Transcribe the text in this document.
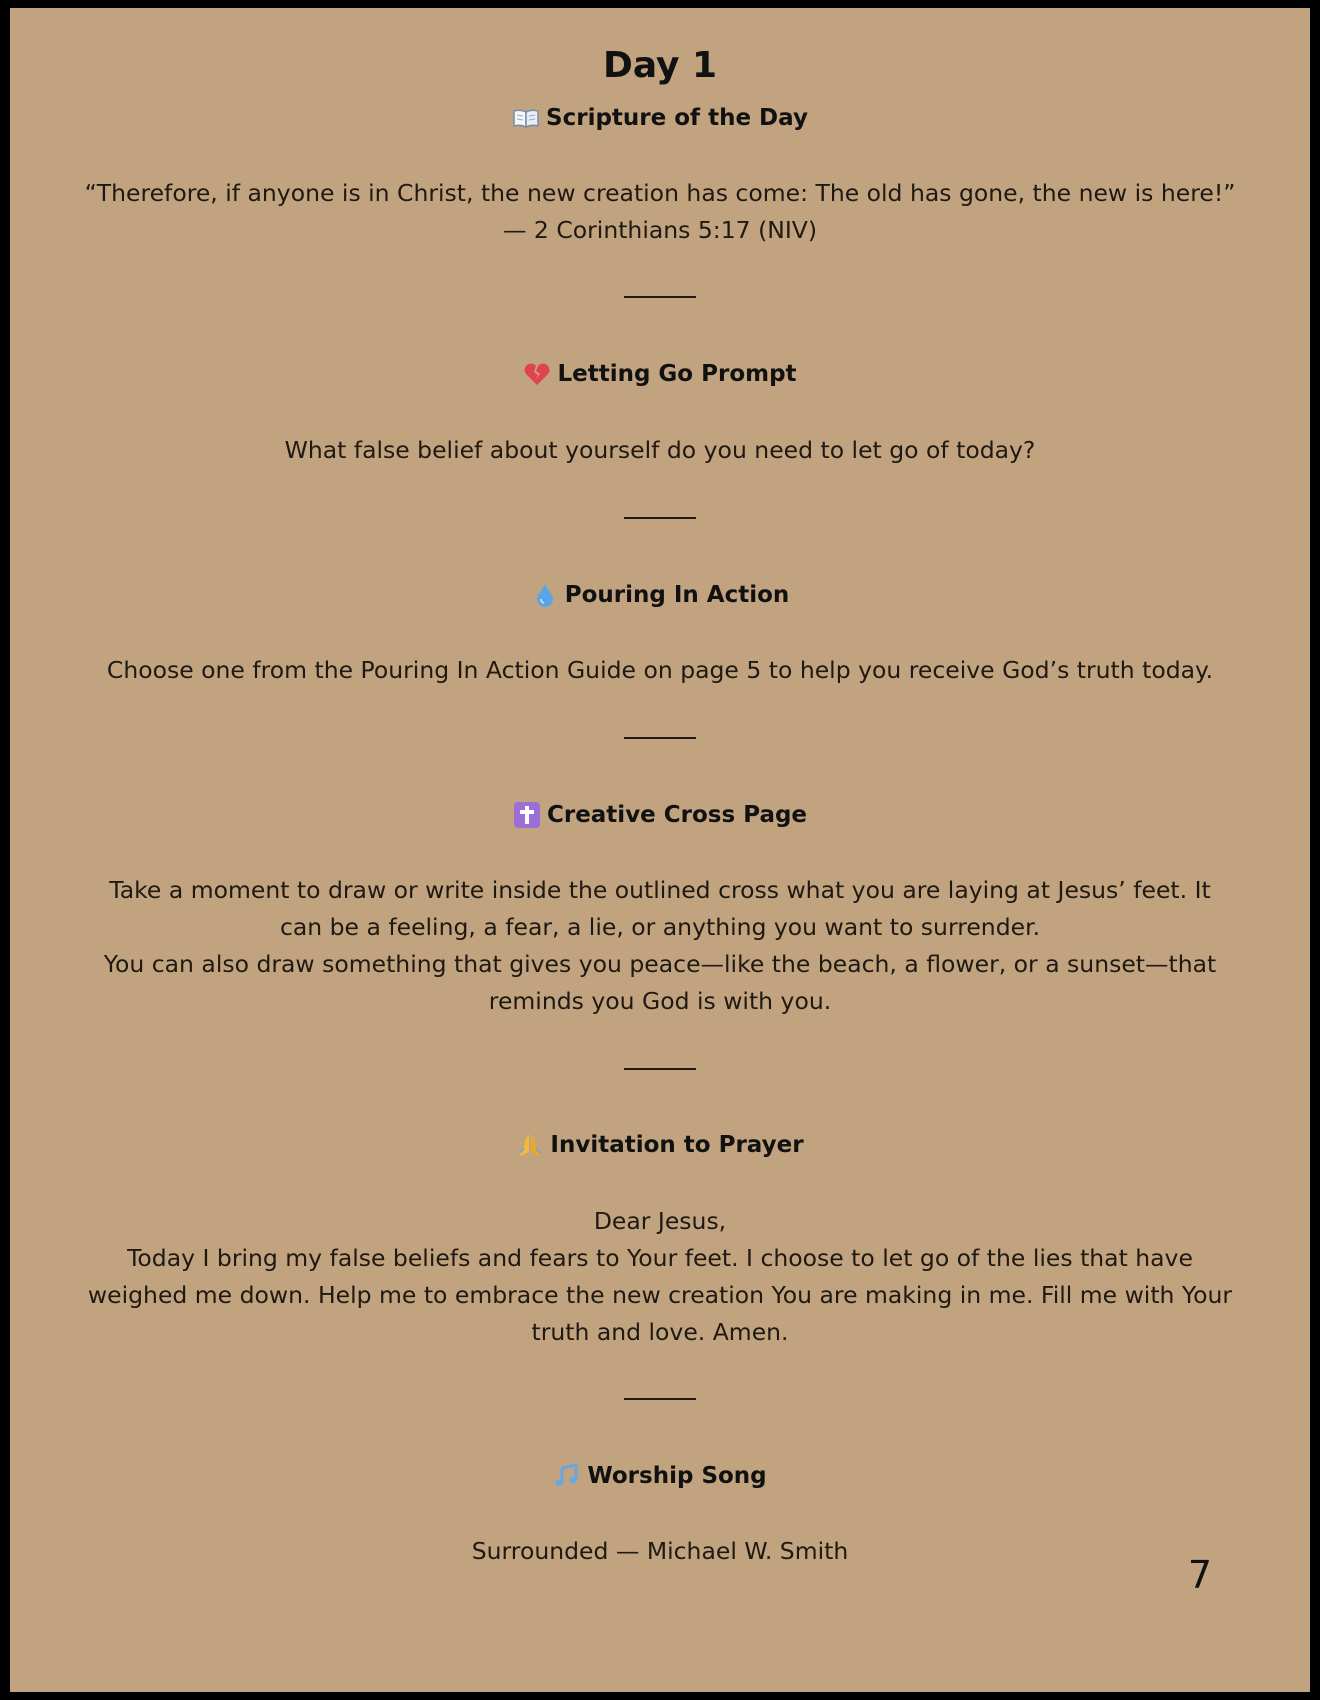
Day 1
Scripture of the Day

“Therefore, if anyone is in Christ, the new creation has come: The old has gone, the new is here!”
— 2 Corinthians 5:17 (NIV)

Letting Go Prompt

What false belief about yourself do you need to let go of today?

Pouring In Action

Choose one from the Pouring In Action Guide on page 5 to help you receive God’s truth today.

Creative Cross Page

Take a moment to draw or write inside the outlined cross what you are laying at Jesus’ feet. It
can be a feeling, a fear, a lie, or anything you want to surrender.
You can also draw something that gives you peace—like the beach, a flower, or a sunset—that
reminds you God is with you.

Invitation to Prayer

Dear Jesus,
Today I bring my false beliefs and fears to Your feet. I choose to let go of the lies that have
weighed me down. Help me to embrace the new creation You are making in me. Fill me with Your
truth and love. Amen.

Worship Song

Surrounded — Michael W. Smith

7
